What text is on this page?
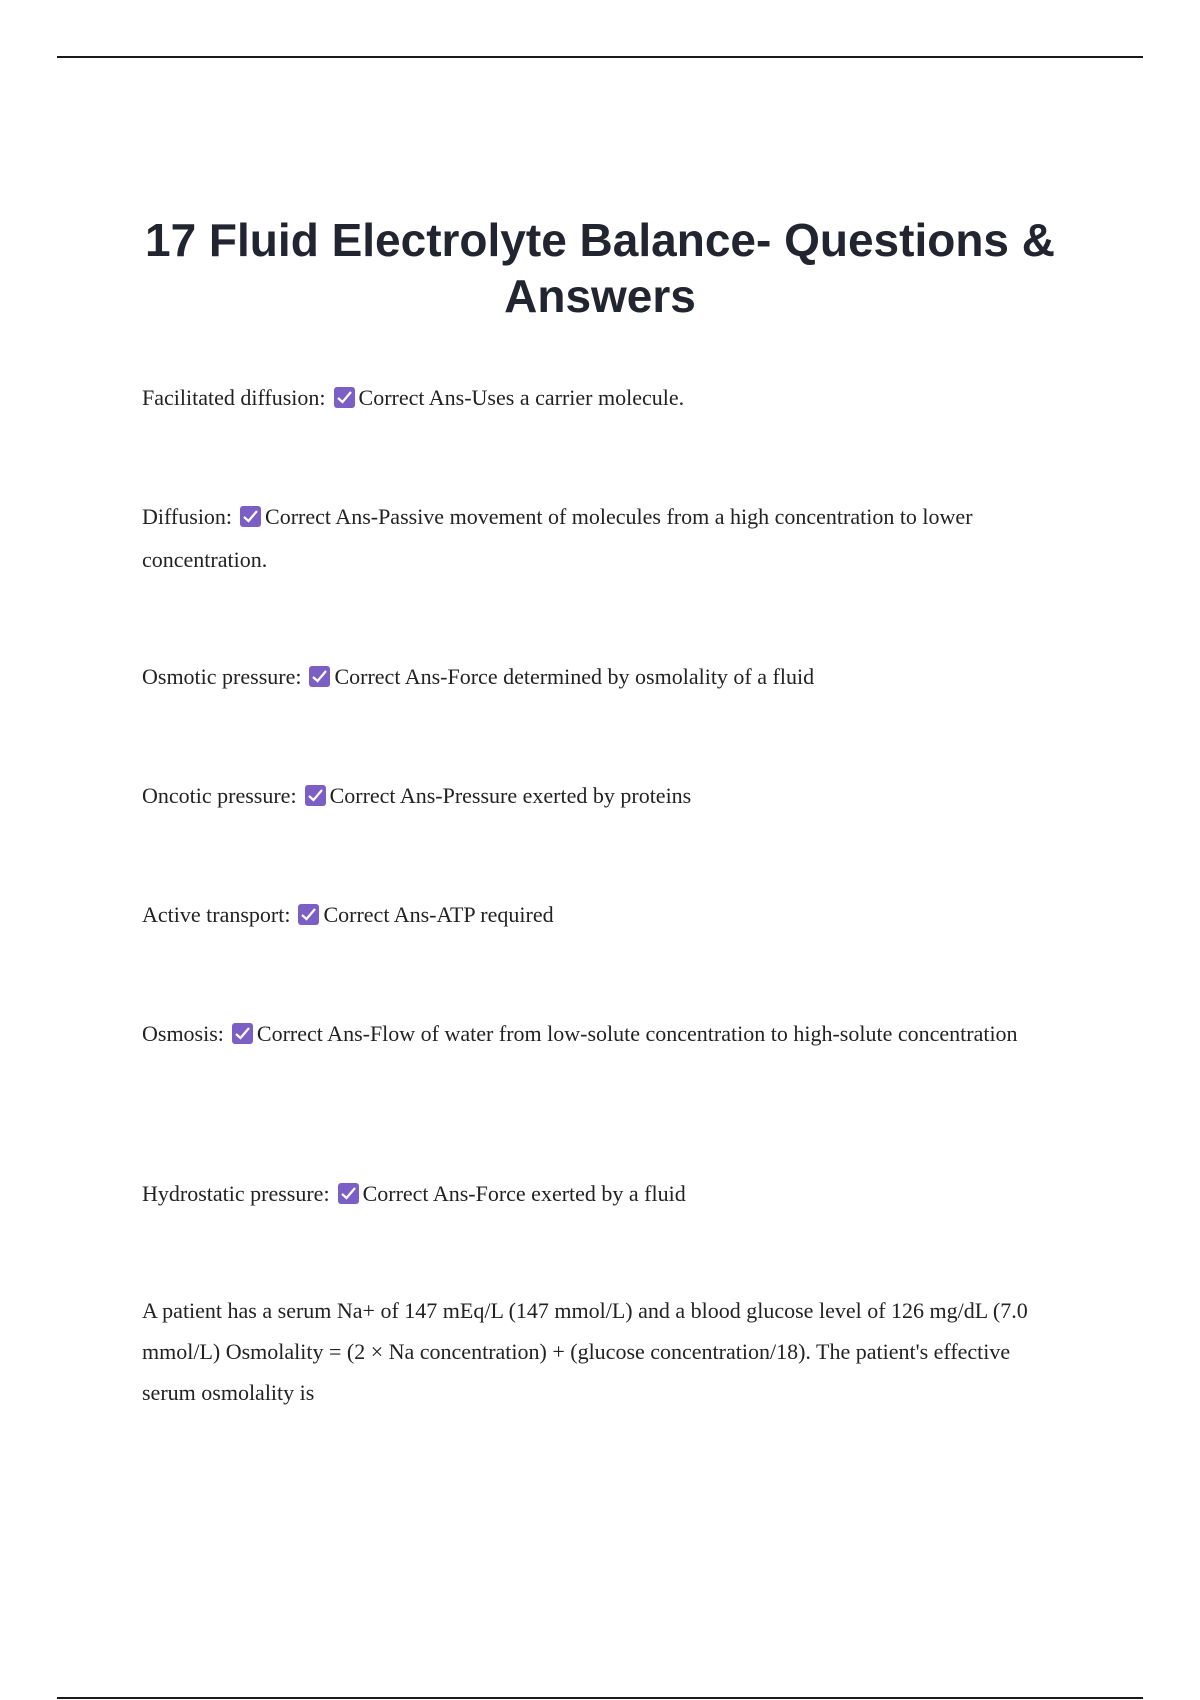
17 Fluid Electrolyte Balance- Questions & Answers

Facilitated diffusion: Correct Ans-Uses a carrier molecule.

Diffusion: Correct Ans-Passive movement of molecules from a high concentration to lower concentration.

Osmotic pressure: Correct Ans-Force determined by osmolality of a fluid

Oncotic pressure: Correct Ans-Pressure exerted by proteins

Active transport: Correct Ans-ATP required

Osmosis: Correct Ans-Flow of water from low-solute concentration to high-solute concentration

Hydrostatic pressure: Correct Ans-Force exerted by a fluid

A patient has a serum Na+ of 147 mEq/L (147 mmol/L) and a blood glucose level of 126 mg/dL (7.0 mmol/L) Osmolality = (2 × Na concentration) + (glucose concentration/18). The patient's effective serum osmolality is
